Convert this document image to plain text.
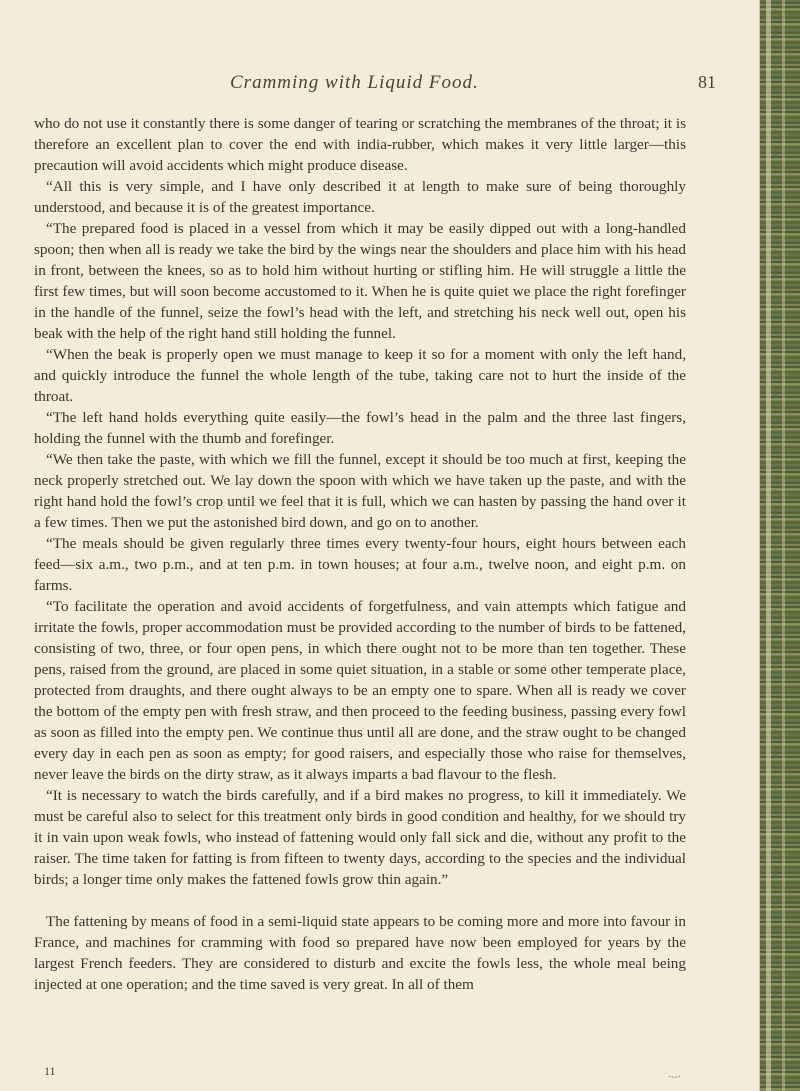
Cramming with Liquid Food.	81

who do not use it constantly there is some danger of tearing or scratching the membranes of the throat; it is therefore an excellent plan to cover the end with india-rubber, which makes it very little larger—this precaution will avoid accidents which might produce disease.

“All this is very simple, and I have only described it at length to make sure of being thoroughly understood, and because it is of the greatest importance.

“The prepared food is placed in a vessel from which it may be easily dipped out with a long-handled spoon; then when all is ready we take the bird by the wings near the shoulders and place him with his head in front, between the knees, so as to hold him without hurting or stifling him. He will struggle a little the first few times, but will soon become accustomed to it. When he is quite quiet we place the right forefinger in the handle of the funnel, seize the fowl’s head with the left, and stretching his neck well out, open his beak with the help of the right hand still holding the funnel.

“When the beak is properly open we must manage to keep it so for a moment with only the left hand, and quickly introduce the funnel the whole length of the tube, taking care not to hurt the inside of the throat.

“The left hand holds everything quite easily—the fowl’s head in the palm and the three last fingers, holding the funnel with the thumb and forefinger.

“We then take the paste, with which we fill the funnel, except it should be too much at first, keeping the neck properly stretched out. We lay down the spoon with which we have taken up the paste, and with the right hand hold the fowl’s crop until we feel that it is full, which we can hasten by passing the hand over it a few times. Then we put the astonished bird down, and go on to another.

“The meals should be given regularly three times every twenty-four hours, eight hours between each feed—six a.m., two p.m., and at ten p.m. in town houses; at four a.m., twelve noon, and eight p.m. on farms.

“To facilitate the operation and avoid accidents of forgetfulness, and vain attempts which fatigue and irritate the fowls, proper accommodation must be provided according to the number of birds to be fattened, consisting of two, three, or four open pens, in which there ought not to be more than ten together. These pens, raised from the ground, are placed in some quiet situation, in a stable or some other temperate place, protected from draughts, and there ought always to be an empty one to spare. When all is ready we cover the bottom of the empty pen with fresh straw, and then proceed to the feeding business, passing every fowl as soon as filled into the empty pen. We continue thus until all are done, and the straw ought to be changed every day in each pen as soon as empty; for good raisers, and especially those who raise for themselves, never leave the birds on the dirty straw, as it always imparts a bad flavour to the flesh.

“It is necessary to watch the birds carefully, and if a bird makes no progress, to kill it immediately. We must be careful also to select for this treatment only birds in good condition and healthy, for we should try it in vain upon weak fowls, who instead of fattening would only fall sick and die, without any profit to the raiser. The time taken for fatting is from fifteen to twenty days, according to the species and the individual birds; a longer time only makes the fattened fowls grow thin again.”

The fattening by means of food in a semi-liquid state appears to be coming more and more into favour in France, and machines for cramming with food so prepared have now been employed for years by the largest French feeders. They are considered to disturb and excite the fowls less, the whole meal being injected at one operation; and the time saved is very great. In all of them

11	·‑‑·
